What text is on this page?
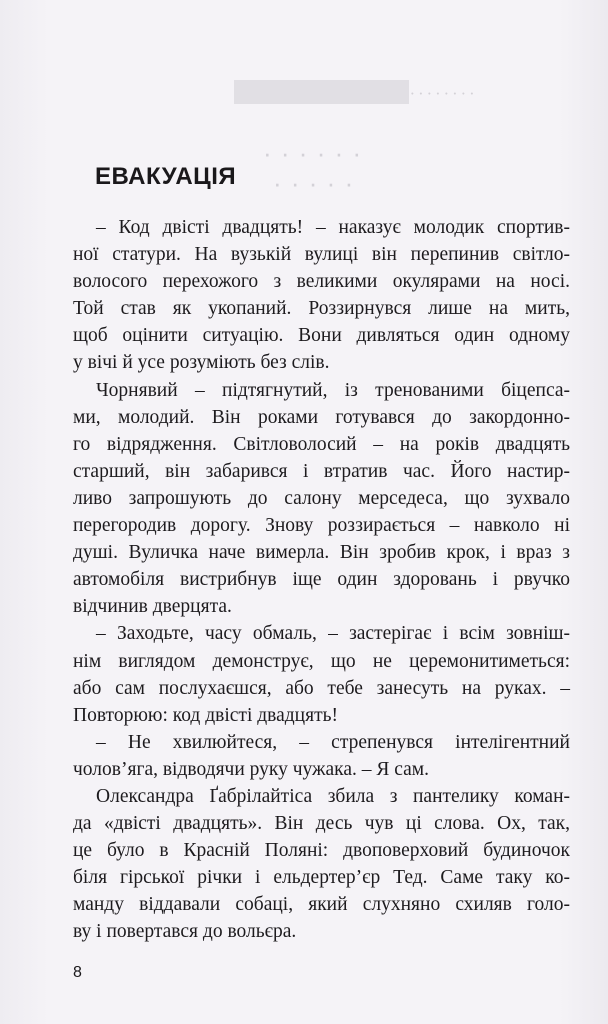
· · · · · · · ·
· · · · · ·
· · · · ·
ЕВАКУАЦІЯ
– Код двісті двадцять! – наказує молодик спортив-
ної статури. На вузькій вулиці він перепинив світло-
волосого перехожого з великими окулярами на носі.
Той став як укопаний. Роззирнувся лише на мить,
щоб оцінити ситуацію. Вони дивляться один одному
у вічі й усе розуміють без слів.
Чорнявий – підтягнутий, із тренованими біцепса-
ми, молодий. Він роками готувався до закордонно-
го відрядження. Світловолосий – на років двадцять
старший, він забарився і втратив час. Його настир-
ливо запрошують до салону мерседеса, що зухвало
перегородив дорогу. Знову роззирається – навколо ні
душі. Вуличка наче вимерла. Він зробив крок, і враз з
автомобіля вистрибнув іще один здоровань і рвучко
відчинив дверцята.
– Заходьте, часу обмаль, – застерігає і всім зовніш-
нім виглядом демонструє, що не церемонитиметься:
або сам послухаєшся, або тебе занесуть на руках. –
Повторюю: код двісті двадцять!
– Не хвилюйтеся, – стрепенувся інтелігентний
чолов’яга, відводячи руку чужака. – Я сам.
Олександра Ґабрілайтіса збила з пантелику коман-
да «двісті двадцять». Він десь чув ці слова. Ох, так,
це було в Красній Поляні: двоповерховий будиночок
біля гірської річки і ельдертер’єр Тед. Саме таку ко-
манду віддавали собаці, який слухняно схиляв голо-
ву і повертався до вольєра.

8
